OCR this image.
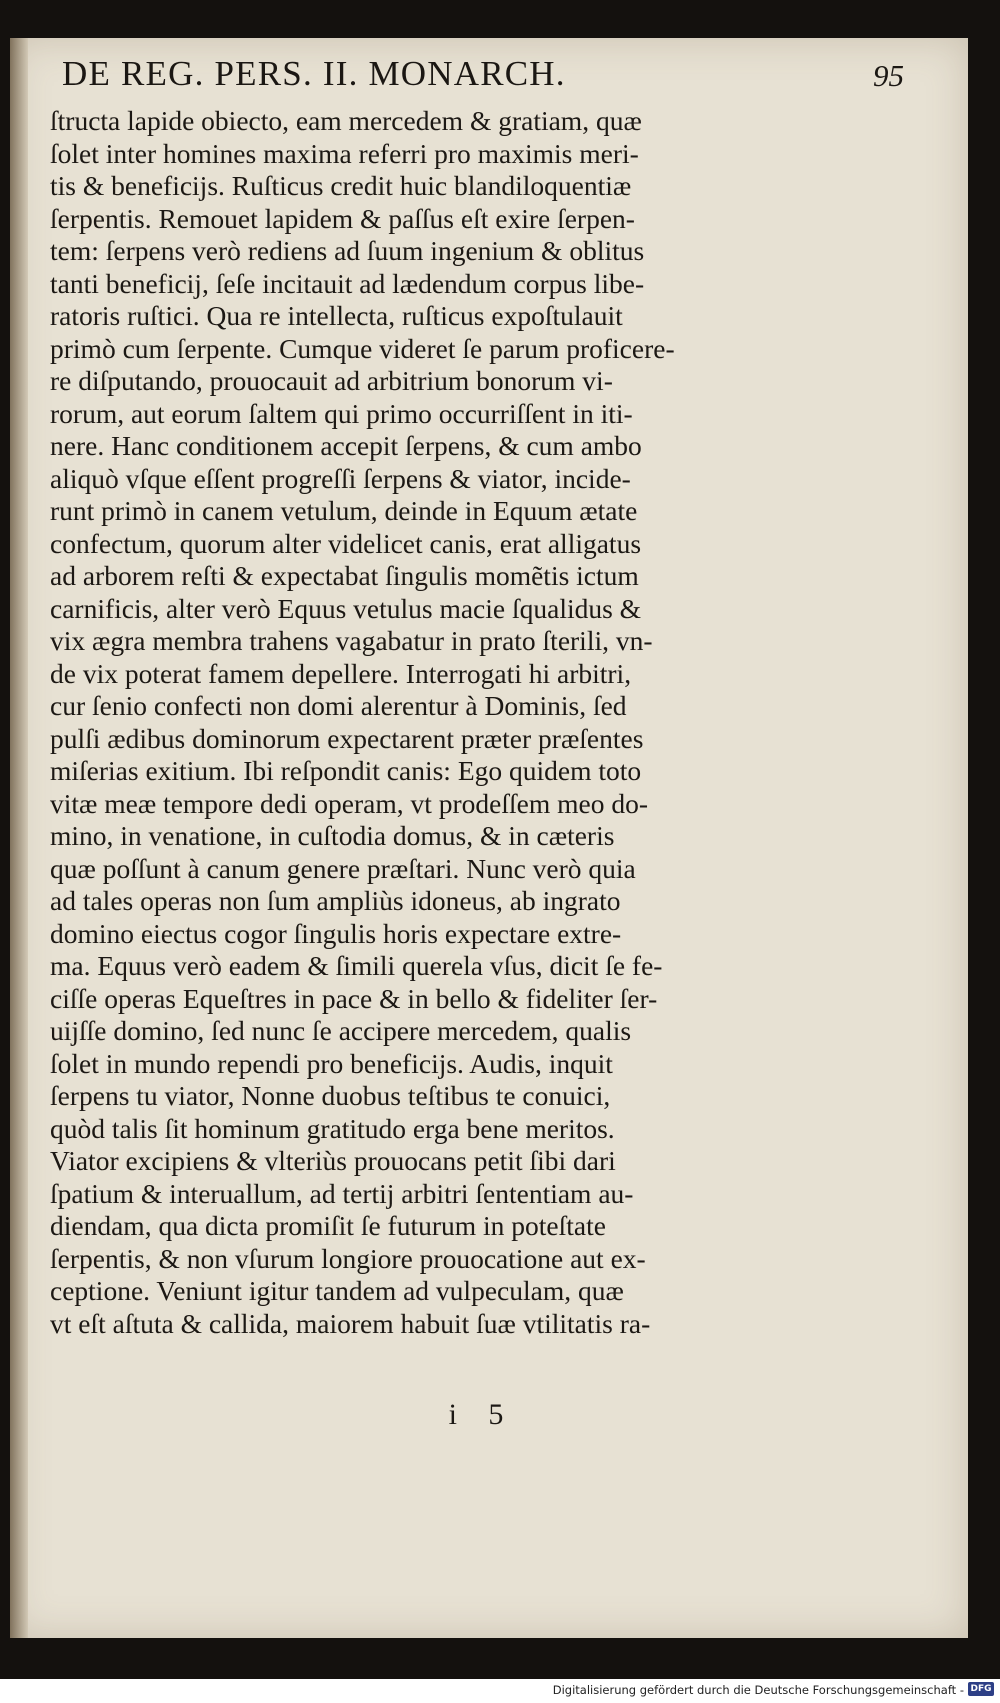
DE REG. PERS. II. MONARCH.	95
ſtructa lapide obiecto, eam mercedem & gratiam, quæ
ſolet inter homines maxima referri pro maximis meri-
tis & beneficijs. Ruſticus credit huic blandiloquentiæ
ſerpentis. Remouet lapidem & paſſus eſt exire ſerpen-
tem: ſerpens verò rediens ad ſuum ingenium & oblitus
tanti beneficij, ſeſe incitauit ad lædendum corpus libe-
ratoris ruſtici. Qua re intellecta, ruſticus expoſtulauit
primò cum ſerpente. Cumque videret ſe parum proficere-
re diſputando, prouocauit ad arbitrium bonorum vi-
rorum, aut eorum ſaltem qui primo occurriſſent in iti-
nere. Hanc conditionem accepit ſerpens, & cum ambo
aliquò vſque eſſent progreſſi ſerpens & viator, incide-
runt primò in canem vetulum, deinde in Equum ætate
confectum, quorum alter videlicet canis, erat alligatus
ad arborem reſti & expectabat ſingulis momẽtis ictum
carnificis, alter verò Equus vetulus macie ſqualidus &
vix ægra membra trahens vagabatur in prato ſterili, vn-
de vix poterat famem depellere. Interrogati hi arbitri,
cur ſenio confecti non domi alerentur à Dominis, ſed
pulſi ædibus dominorum expectarent præter præſentes
miſerias exitium. Ibi reſpondit canis: Ego quidem toto
vitæ meæ tempore dedi operam, vt prodeſſem meo do-
mino, in venatione, in cuſtodia domus, & in cæteris
quæ poſſunt à canum genere præſtari. Nunc verò quia
ad tales operas non ſum ampliùs idoneus, ab ingrato
domino eiectus cogor ſingulis horis expectare extre-
ma. Equus verò eadem & ſimili querela vſus, dicit ſe fe-
ciſſe operas Equeſtres in pace & in bello & fideliter ſer-
uijſſe domino, ſed nunc ſe accipere mercedem, qualis
ſolet in mundo rependi pro beneficijs. Audis, inquit
ſerpens tu viator, Nonne duobus teſtibus te conuici,
quòd talis ſit hominum gratitudo erga bene meritos.
Viator excipiens & vlteriùs prouocans petit ſibi dari
ſpatium & interuallum, ad tertij arbitri ſententiam au-
diendam, qua dicta promiſit ſe futurum in poteſtate
ſerpentis, & non vſurum longiore prouocatione aut ex-
ceptione. Veniunt igitur tandem ad vulpeculam, quæ
vt eſt aſtuta & callida, maiorem habuit ſuæ vtilitatis ra-
i 5
Digitalisierung gefördert durch die Deutsche Forschungsgemeinschaft - DFG
